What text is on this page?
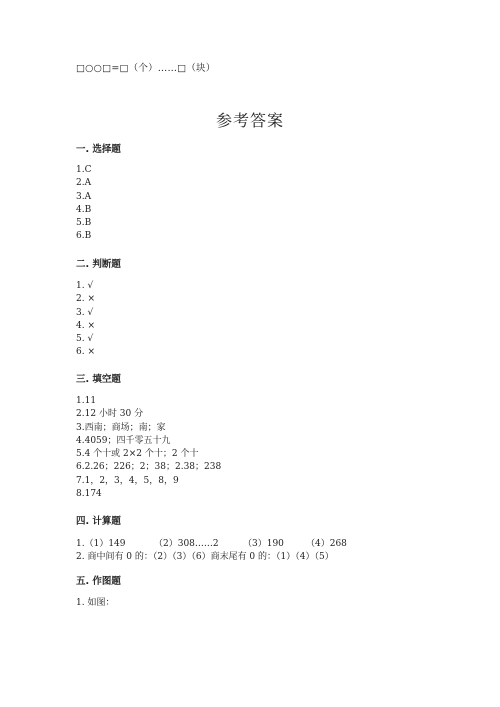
□○○□=□（个）……□（块）
参考答案
一. 选择题
1.C
2.A
3.A
4.B
5.B
6.B
二. 判断题
1. √
2. ×
3. √
4. ×
5. √
6. ×
三. 填空题
1.11
2.12 小时 30 分
3.西南；商场；南；家
4.4059；四千零五十九
5.4 个十或 2×2 个十；2 个十
6.2.26；226；2；38；2.38；238
7.1，2，3，4，5，8，9
8.174
四. 计算题
1.（1）149	（2）308……2	（3）190 （4）268
2. 商中间有 0 的：（2）（3）（6）商末尾有 0 的：（1）（4）（5）
五. 作图题
1. 如图：
